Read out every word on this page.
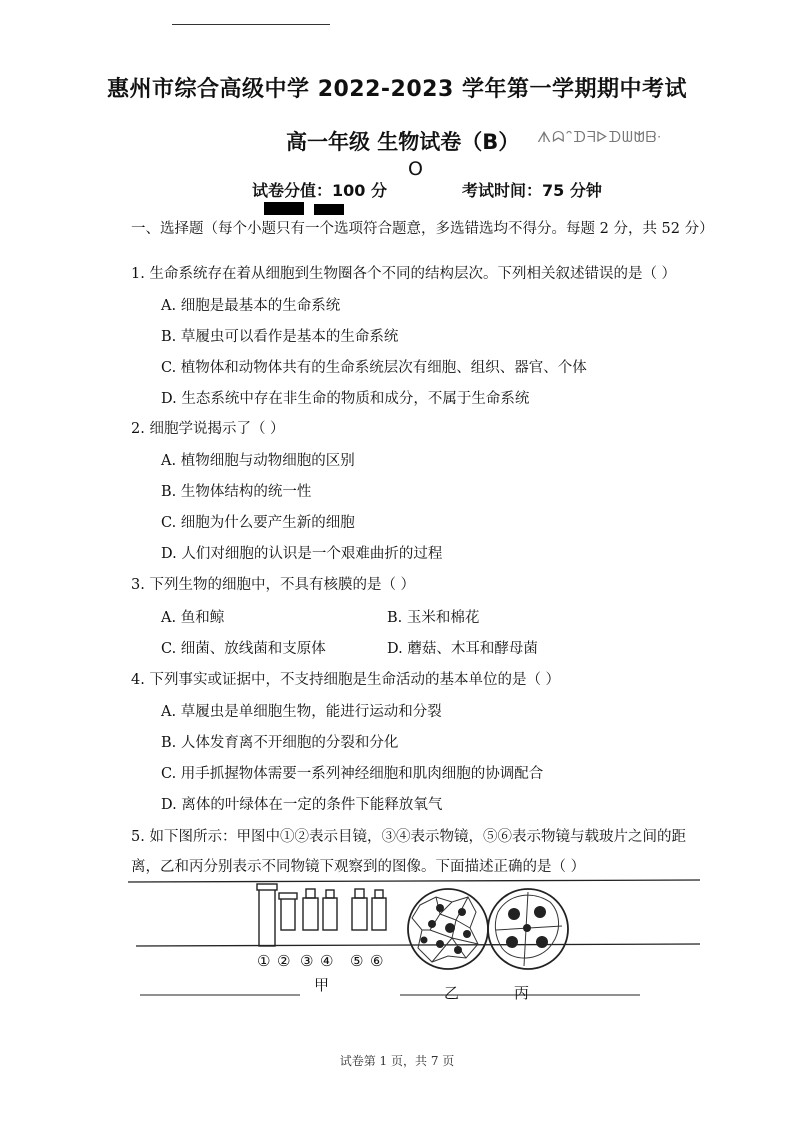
惠州市综合高级中学 2022-2023 学年第一学期期中考试
高一年级 生物试卷（B） ᗑᗣᐢᗪᖷᐅᗪᗯᗻᗹᐧ
O
试卷分值：100 分	考试时间：75 分钟
一、选择题（每个小题只有一个选项符合题意，多选错选均不得分。每题 2 分，共 52 分）
1. 生命系统存在着从细胞到生物圈各个不同的结构层次。下列相关叙述错误的是（ ）
A. 细胞是最基本的生命系统
B. 草履虫可以看作是基本的生命系统
C. 植物体和动物体共有的生命系统层次有细胞、组织、器官、个体
D. 生态系统中存在非生命的物质和成分，不属于生命系统
2. 细胞学说揭示了（ ）
A. 植物细胞与动物细胞的区别
B. 生物体结构的统一性
C. 细胞为什么要产生新的细胞
D. 人们对细胞的认识是一个艰难曲折的过程
3. 下列生物的细胞中，不具有核膜的是（ ）
A. 鱼和鲸	B. 玉米和棉花
C. 细菌、放线菌和支原体	D. 蘑菇、木耳和酵母菌
4. 下列事实或证据中，不支持细胞是生命活动的基本单位的是（ ）
A. 草履虫是单细胞生物，能进行运动和分裂
B. 人体发育离不开细胞的分裂和分化
C. 用手抓握物体需要一系列神经细胞和肌肉细胞的协调配合
D. 离体的叶绿体在一定的条件下能释放氧气
5. 如下图所示：甲图中①②表示目镜，③④表示物镜，⑤⑥表示物镜与载玻片之间的距离，乙和丙分别表示不同物镜下观察到的图像。下面描述正确的是（ ）
① ② ③ ④ ⑤ ⑥
甲	乙	丙
试卷第 1 页，共 7 页
